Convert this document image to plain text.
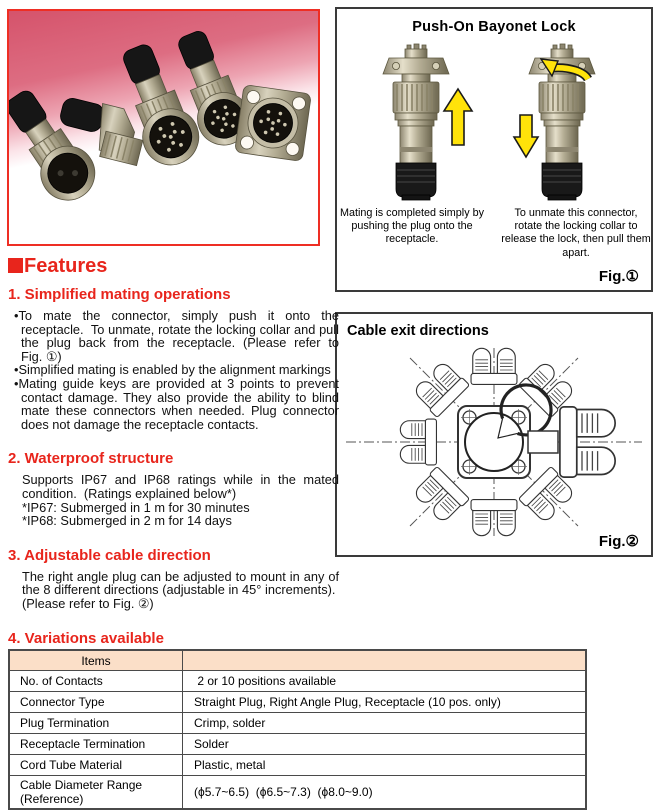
Push-On Bayonet Lock
Mating is completed simply by pushing the plug onto the receptacle.
To unmate this connector, rotate the locking collar to release the lock, then pull them apart.
Fig.①
Cable exit directions
Fig.②
Features
1. Simplified mating operations

•To mate the connector, simply push it onto the receptacle.  To unmate, rotate the locking collar and pull the plug back from the receptacle. (Please refer to Fig. ①)

•Simplified mating is enabled by the alignment markings

•Mating guide keys are provided at 3 points to prevent contact damage. They also provide the ability to blind mate these connectors when needed. Plug connector does not damage the receptacle contacts.

2. Waterproof structure

Supports IP67 and IP68 ratings while in the mated condition.  (Ratings explained below*)

*IP67: Submerged in 1 m for 30 minutes

*IP68: Submerged in 2 m for 14 days

3. Adjustable cable direction

The right angle plug can be adjusted to mount in any of the 8 different directions (adjustable in 45° increments).  (Please refer to Fig. ②)

4. Variations available
Items	
No. of Contacts	2 or 10 positions available
Connector Type	Straight Plug, Right Angle Plug, Receptacle (10 pos. only)
Plug Termination	Crimp, solder
Receptacle Termination	Solder
Cord Tube Material	Plastic, metal
Cable Diameter Range (Reference)	(ϕ5.7~6.5)  (ϕ6.5~7.3)  (ϕ8.0~9.0)
